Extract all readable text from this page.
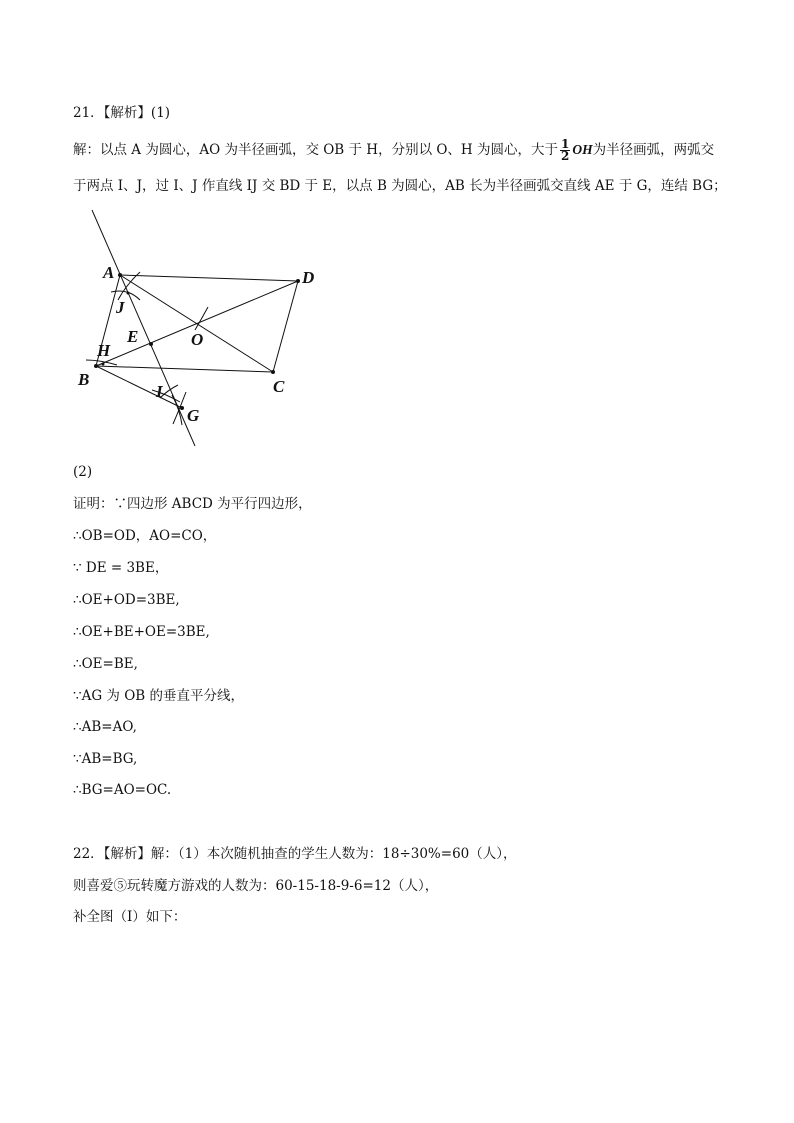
21．【解析】(1)
解：以点 A 为圆心，AO 为半径画弧，交 OB 于 H，分别以 O、H 为圆心，大于 $\frac{1}{2}$ OH为半径画弧，两弧交
于两点 I、J，过 I、J 作直线 IJ 交 BD 于 E，以点 B 为圆心，AB 长为半径画弧交直线 AE 于 G，连结 BG；
A	D
J
E	O
H
B
I	C
G
(2)
证明：∵四边形 ABCD 为平行四边形，
∴OB=OD，AO=CO，
∵ DE = 3BE，
∴OE+OD=3BE,
∴OE+BE+OE=3BE,
∴OE=BE,
∵AG 为 OB 的垂直平分线，
∴AB=AO,
∵AB=BG,
∴BG=AO=OC.
22．【解析】解：（1）本次随机抽查的学生人数为：18÷30%=60（人），
则喜爱⑤玩转魔方游戏的人数为：60-15-18-9-6=12（人），
补全图（I）如下：
